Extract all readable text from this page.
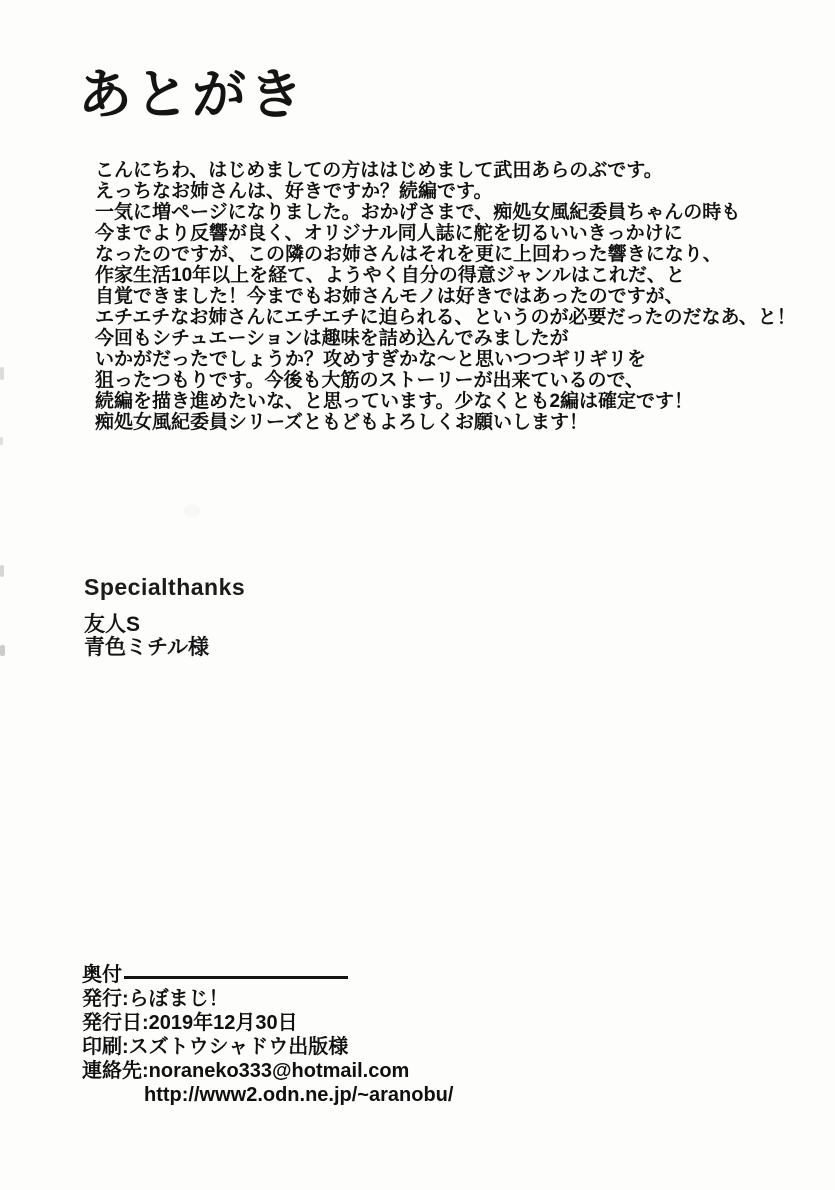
あとがき
こんにちわ、はじめましての方ははじめまして武田あらのぶです。
えっちなお姉さんは、好きですか？続編です。
一気に増ページになりました。おかげさまで、痴処女風紀委員ちゃんの時も
今までより反響が良く、オリジナル同人誌に舵を切るいいきっかけに
なったのですが、この隣のお姉さんはそれを更に上回わった響きになり、
作家生活10年以上を経て、ようやく自分の得意ジャンルはこれだ、と
自覚できました！今までもお姉さんモノは好きではあったのですが、
エチエチなお姉さんにエチエチに迫られる、というのが必要だったのだなあ、と！
今回もシチュエーションは趣味を詰め込んでみましたが
いかがだったでしょうか？攻めすぎかな〜と思いつつギリギリを
狙ったつもりです。今後も大筋のストーリーが出来ているので、
続編を描き進めたいな、と思っています。少なくとも2編は確定です！
痴処女風紀委員シリーズともどもよろしくお願いします！
Specialthanks
友人S
青色ミチル様
奥付
発行:らぼまじ！
発行日:2019年12月30日
印刷:スズトウシャドウ出版様
連絡先:noraneko333@hotmail.com
http://www2.odn.ne.jp/~aranobu/
